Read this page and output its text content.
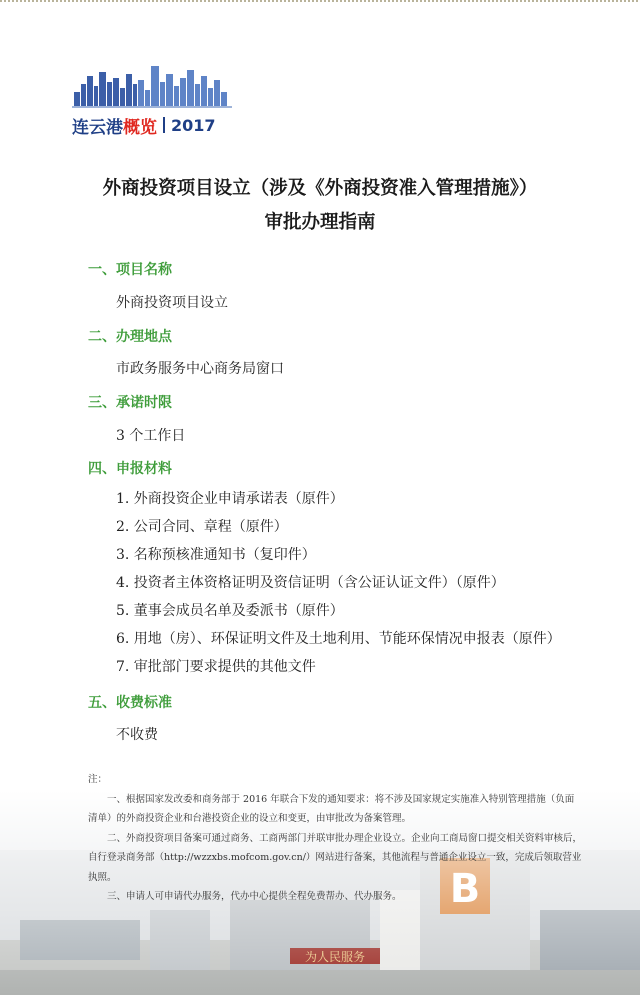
连云港 概览 2017
外商投资项目设立（涉及《外商投资准入管理措施》）
审批办理指南
一、项目名称
外商投资项目设立
二、办理地点
市政务服务中心商务局窗口
三、承诺时限
3 个工作日
四、申报材料
1. 外商投资企业申请承诺表（原件）
2. 公司合同、章程（原件）
3. 名称预核准通知书（复印件）
4. 投资者主体资格证明及资信证明（含公证认证文件）（原件）
5. 董事会成员名单及委派书（原件）
6. 用地（房）、环保证明文件及土地利用、节能环保情况申报表（原件）
7. 审批部门要求提供的其他文件
五、收费标准
不收费

注：

一、根据国家发改委和商务部于 2016 年联合下发的通知要求：将不涉及国家规定实施准入特别管理措施（负面清单）的外商投资企业和台港投资企业的设立和变更，由审批改为备案管理。

二、外商投资项目备案可通过商务、工商两部门并联审批办理企业设立。企业向工商局窗口提交相关资料审核后，自行登录商务部（http://wzzxbs.mofcom.gov.cn/）网站进行备案，其他流程与普通企业设立一致，完成后领取营业执照。

三、申请人可申请代办服务，代办中心提供全程免费帮办、代办服务。
